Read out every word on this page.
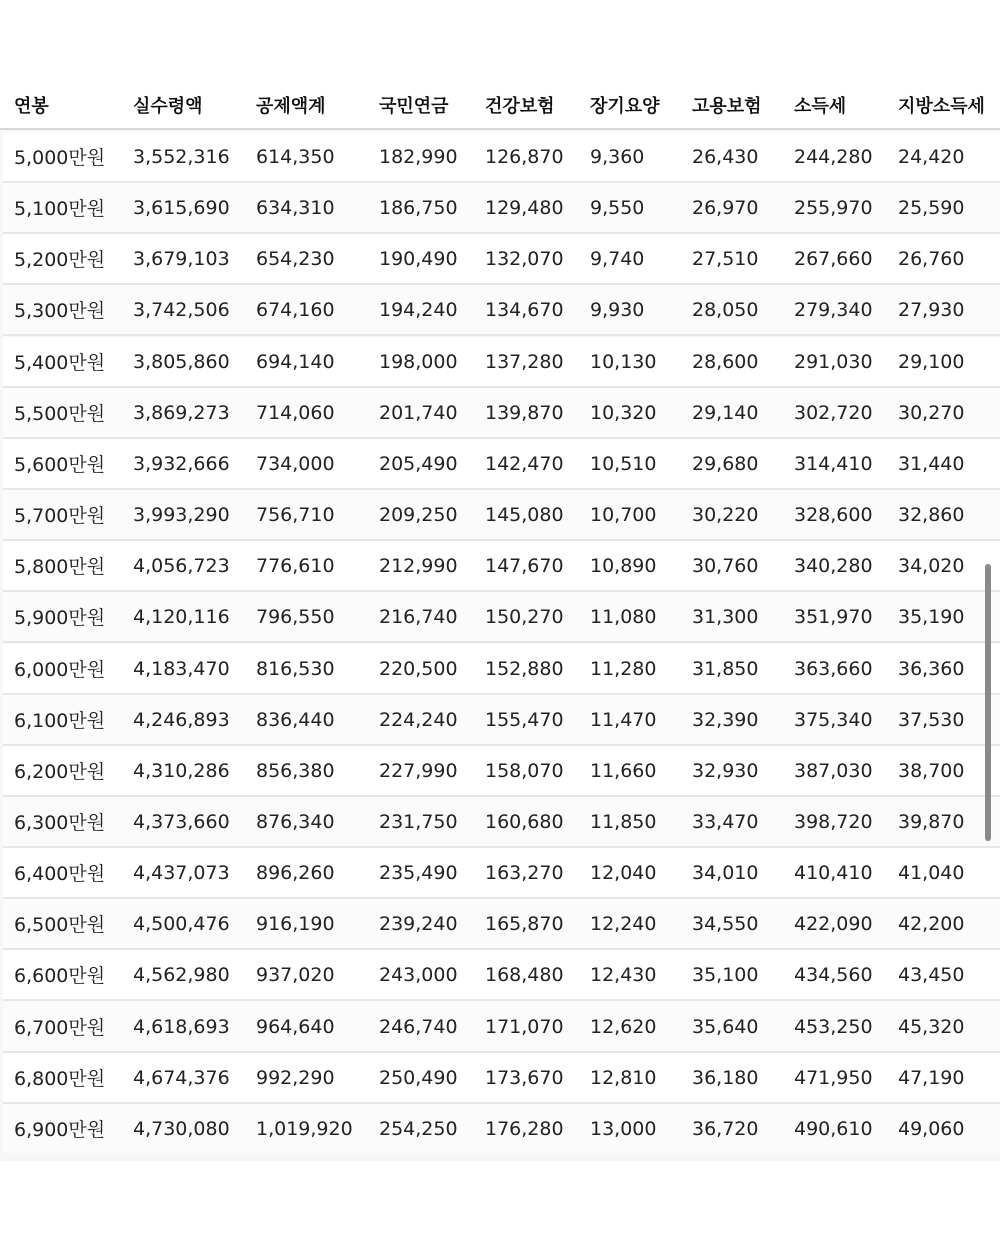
연봉	실수령액	공제액계	국민연금 건강보험 장기요양 고용보험 소득세	지방소득세
5,000만원 3,552,316 614,350 182,990 126,870 9,360	26,430 244,280 24,420
5,100만원 3,615,690 634,310 186,750 129,480 9,550	26,970 255,970 25,590
5,200만원 3,679,103 654,230 190,490 132,070 9,740	27,510 267,660 26,760
5,300만원 3,742,506 674,160 194,240 134,670 9,930	28,050 279,340 27,930
5,400만원 3,805,860 694,140 198,000 137,280 10,130 28,600 291,030 29,100
5,500만원 3,869,273 714,060 201,740 139,870 10,320 29,140 302,720 30,270
5,600만원 3,932,666 734,000 205,490 142,470 10,510 29,680 314,410 31,440
5,700만원 3,993,290 756,710 209,250 145,080 10,700 30,220 328,600 32,860
5,800만원 4,056,723 776,610 212,990 147,670 10,890 30,760 340,280 34,020
5,900만원 4,120,116 796,550 216,740 150,270 11,080 31,300 351,970 35,190
6,000만원 4,183,470 816,530 220,500 152,880 11,280 31,850 363,660 36,360
6,100만원 4,246,893 836,440 224,240 155,470 11,470 32,390 375,340 37,530
6,200만원 4,310,286 856,380 227,990 158,070 11,660 32,930 387,030 38,700
6,300만원 4,373,660 876,340 231,750 160,680 11,850 33,470 398,720 39,870
6,400만원 4,437,073 896,260 235,490 163,270 12,040 34,010 410,410 41,040
6,500만원 4,500,476 916,190 239,240 165,870 12,240 34,550 422,090 42,200
6,600만원 4,562,980 937,020 243,000 168,480 12,430 35,100 434,560 43,450
6,700만원 4,618,693 964,640 246,740 171,070 12,620 35,640 453,250 45,320
6,800만원 4,674,376 992,290 250,490 173,670 12,810 36,180 471,950 47,190
6,900만원 4,730,080 1,019,920 254,250 176,280 13,000 36,720 490,610 49,060
